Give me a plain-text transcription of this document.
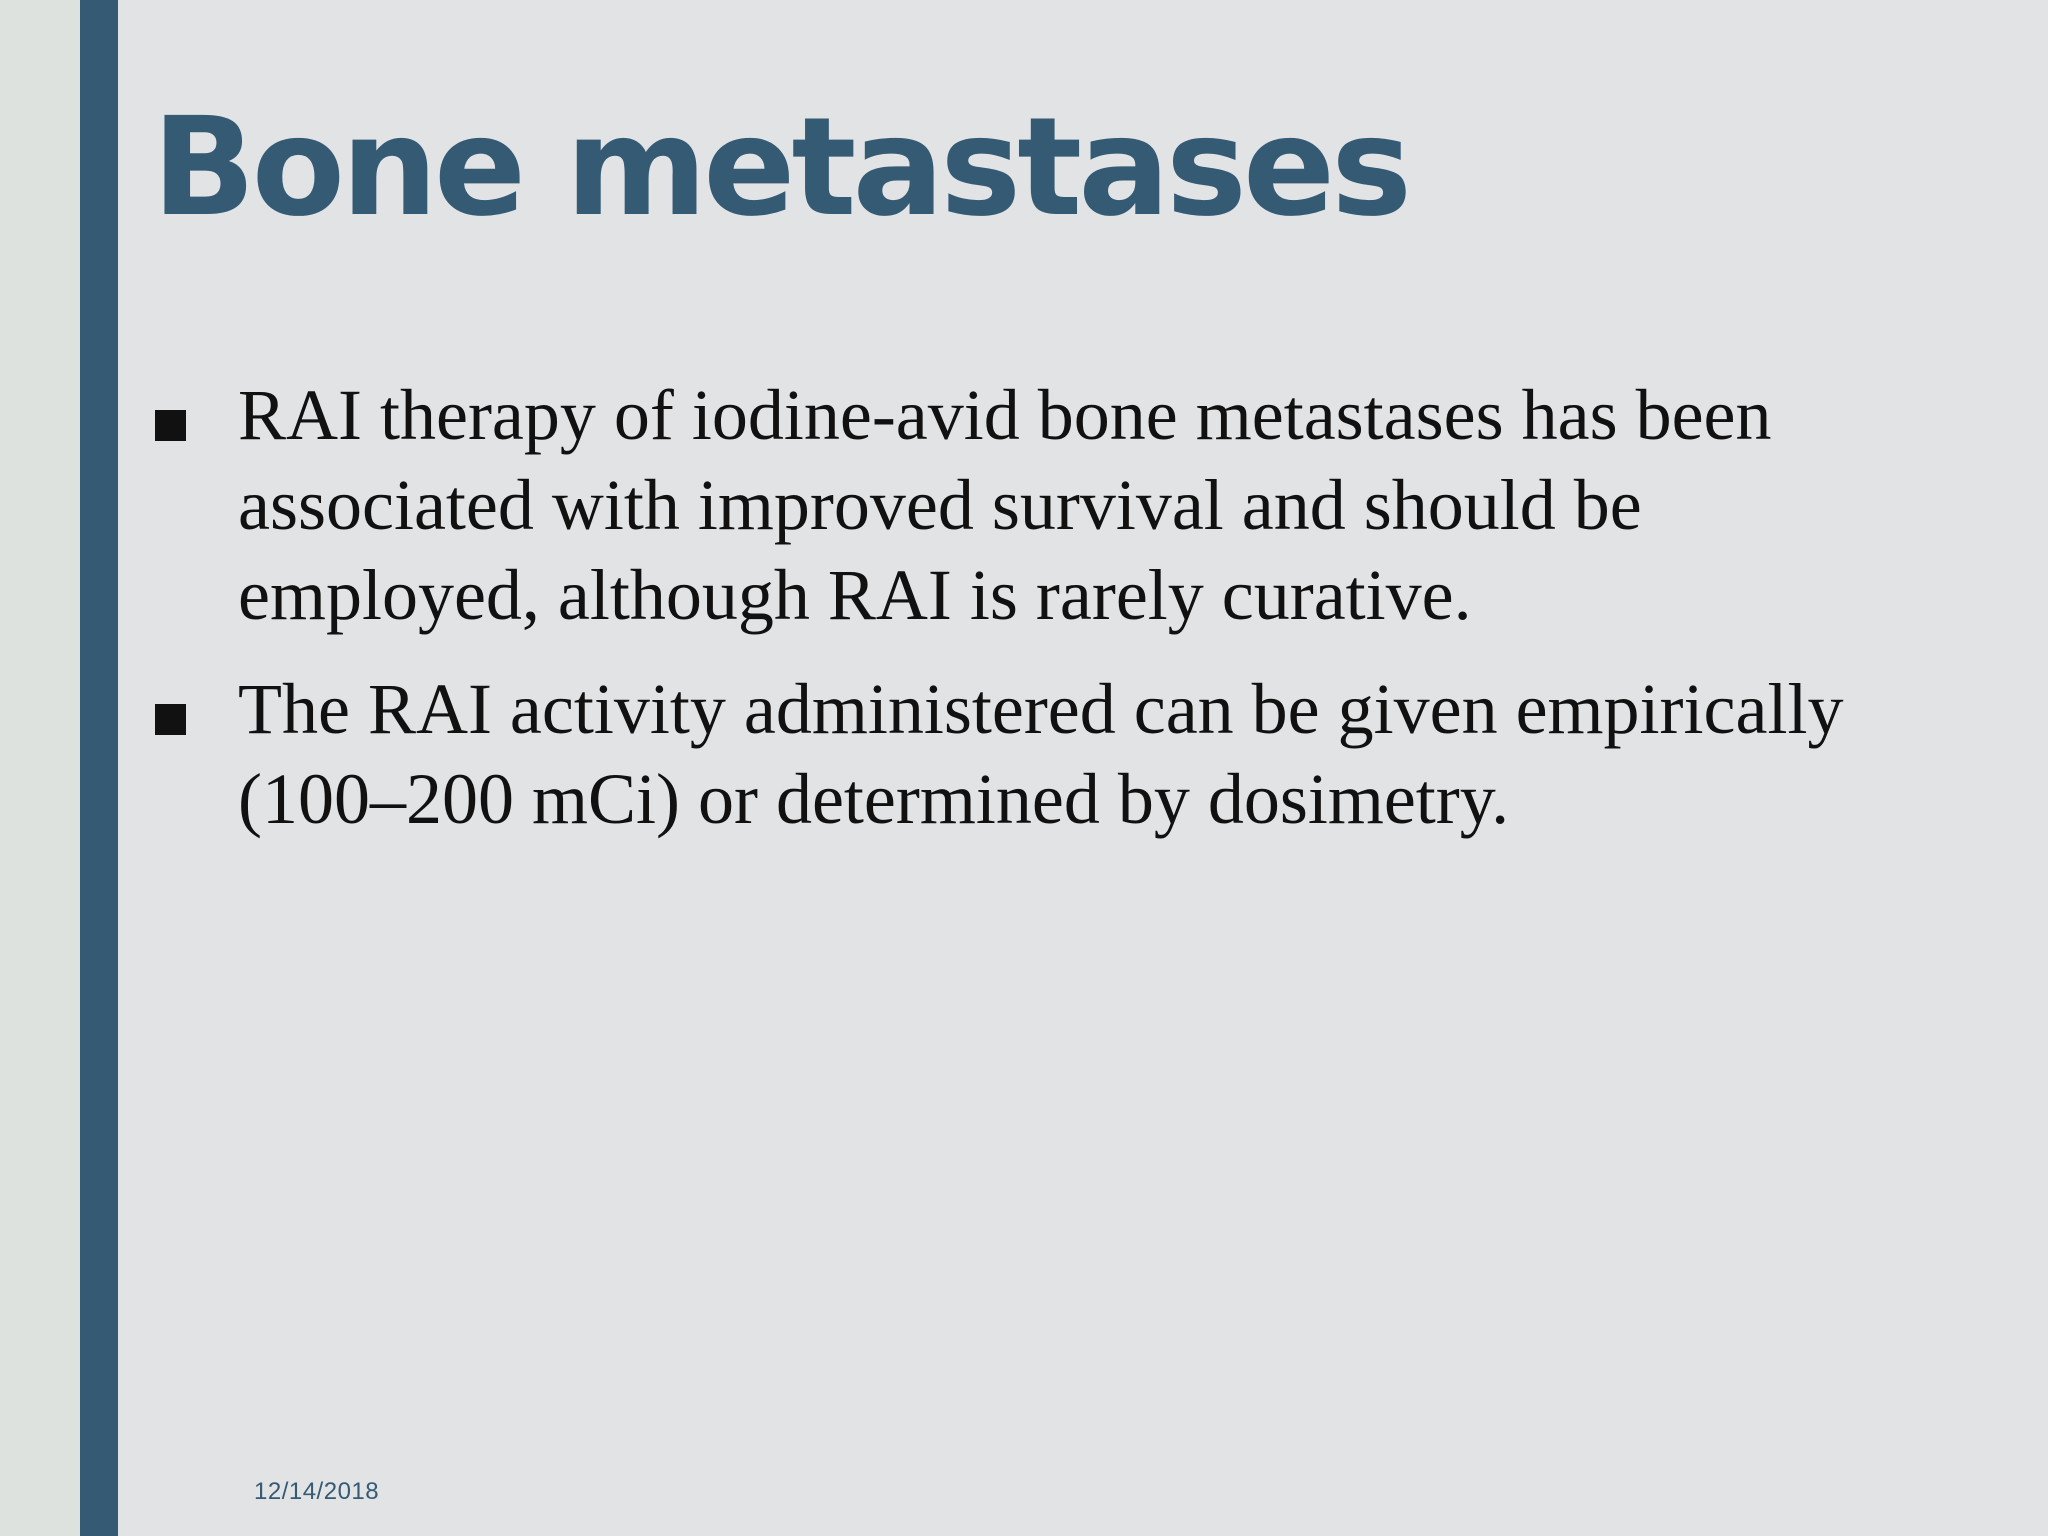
Bone metastases
RAI therapy of iodine-avid bone metastases has been associated with improved survival and should be employed, although RAI is rarely curative.
The RAI activity administered can be given empirically (100–200 mCi) or determined by dosimetry.
12/14/2018
